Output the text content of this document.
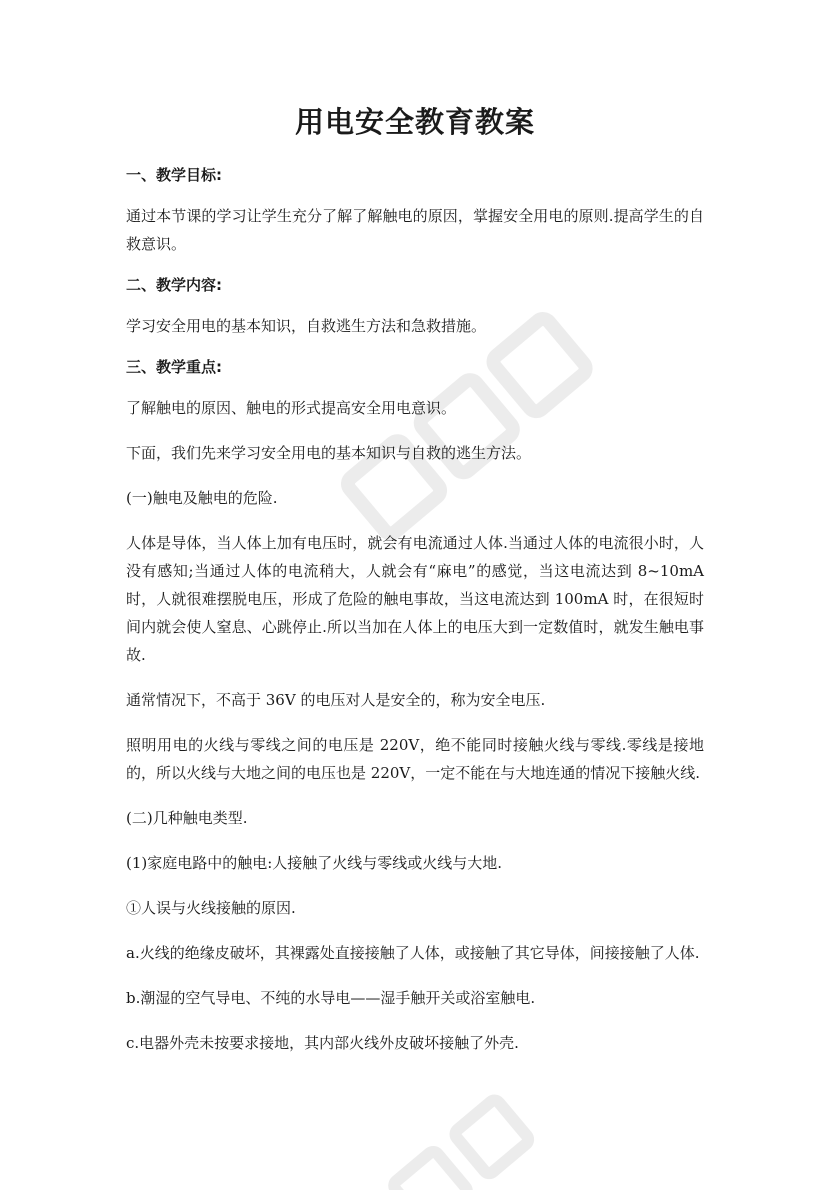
用电安全教育教案
一、教学目标:

通过本节课的学习让学生充分了解了解触电的原因，掌握安全用电的原则.提高学生的自救意识。

二、教学内容:

学习安全用电的基本知识，自救逃生方法和急救措施。

三、教学重点:

了解触电的原因、触电的形式提高安全用电意识。

下面，我们先来学习安全用电的基本知识与自救的逃生方法。

(一)触电及触电的危险.

人体是导体，当人体上加有电压时，就会有电流通过人体.当通过人体的电流很小时，人没有感知;当通过人体的电流稍大，人就会有“麻电”的感觉，当这电流达到 8~10mA 时，人就很难摆脱电压，形成了危险的触电事故，当这电流达到 100mA 时，在很短时间内就会使人窒息、心跳停止.所以当加在人体上的电压大到一定数值时，就发生触电事故.

通常情况下，不高于 36V 的电压对人是安全的，称为安全电压.

照明用电的火线与零线之间的电压是 220V，绝不能同时接触火线与零线.零线是接地的，所以火线与大地之间的电压也是 220V，一定不能在与大地连通的情况下接触火线.

(二)几种触电类型.

(1)家庭电路中的触电:人接触了火线与零线或火线与大地.

①人误与火线接触的原因.

a.火线的绝缘皮破坏，其裸露处直接接触了人体，或接触了其它导体，间接接触了人体.

b.潮湿的空气导电、不纯的水导电——湿手触开关或浴室触电.

c.电器外壳未按要求接地，其内部火线外皮破坏接触了外壳.
